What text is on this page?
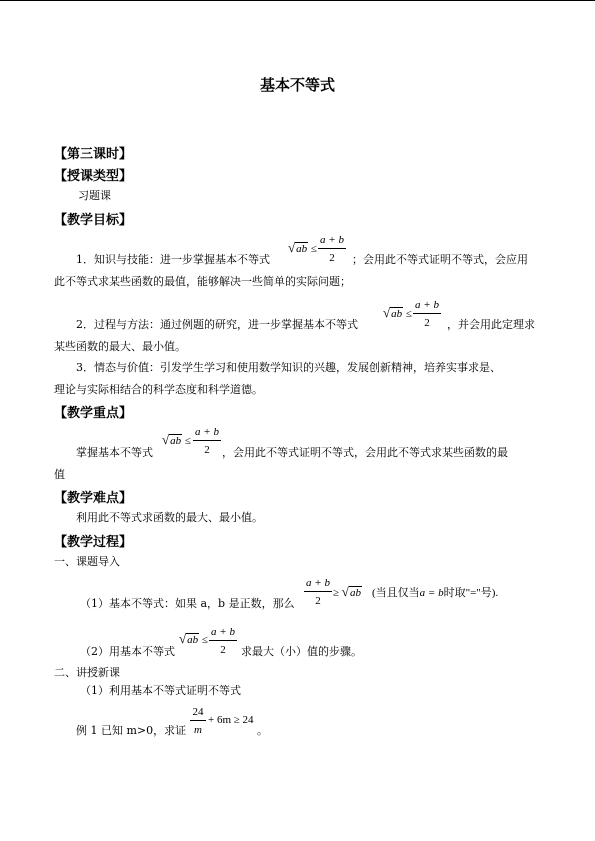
基本不等式
【第三课时】
【授课类型】
习题课
【教学目标】
1．知识与技能：进一步掌握基本不等式
√ab ≤
a + b
2	；会用此不等式证明不等式，会应用
此不等式求某些函数的最值，能够解决一些简单的实际问题；
2．过程与方法：通过例题的研究，进一步掌握基本不等式
√ab ≤
a + b
2	，并会用此定理求
某些函数的最大、最小值。
3．情态与价值：引发学生学习和使用数学知识的兴趣，发展创新精神，培养实事求是、
理论与实际相结合的科学态度和科学道德。
【教学重点】
掌握基本不等式
√ab ≤
a + b
2	，会用此不等式证明不等式，会用此不等式求某些函数的最
值
【教学难点】
利用此不等式求函数的最大、最小值。
【教学过程】
一、课题导入
（1）基本不等式：如果 a，b 是正数，那么
a + b
2
≥ √ab (当且仅当a = b时取"="号).
（2）用基本不等式
√ab ≤
a + b
2	求最大（小）值的步骤。
二、讲授新课
（1）利用基本不等式证明不等式
例 1 已知 m>0，求证
24
m
+ 6m ≥ 24
。
